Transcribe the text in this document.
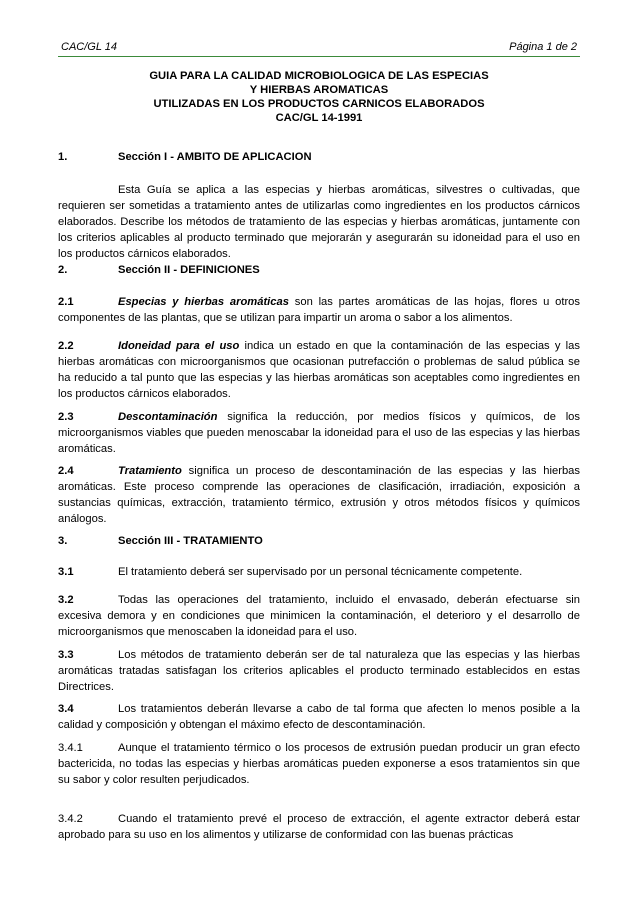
CAC/GL 14	Página 1 de 2
GUIA PARA LA CALIDAD MICROBIOLOGICA DE LAS ESPECIAS
Y HIERBAS AROMATICAS
UTILIZADAS EN LOS PRODUCTOS CARNICOS ELABORADOS
CAC/GL 14-1991
1.	Sección I - AMBITO DE APLICACION
Esta Guía se aplica a las especias y hierbas aromáticas, silvestres o cultivadas, que requieren ser sometidas a tratamiento antes de utilizarlas como ingredientes en los productos cárnicos elaborados. Describe los métodos de tratamiento de las especias y hierbas aromáticas, juntamente con los criterios aplicables al producto terminado que mejorarán y asegurarán su idoneidad para el uso en los productos cárnicos elaborados.
2.	Sección II - DEFINICIONES
2.1	Especias y hierbas aromáticas son las partes aromáticas de las hojas, flores u otros componentes de las plantas, que se utilizan para impartir un aroma o sabor a los alimentos.
2.2	Idoneidad para el uso indica un estado en que la contaminación de las especias y las hierbas aromáticas con microorganismos que ocasionan putrefacción o problemas de salud pública se ha reducido a tal punto que las especias y las hierbas aromáticas son aceptables como ingredientes en los productos cárnicos elaborados.
2.3	Descontaminación significa la reducción, por medios físicos y químicos, de los microorganismos viables que pueden menoscabar la idoneidad para el uso de las especias y las hierbas aromáticas.
2.4	Tratamiento significa un proceso de descontaminación de las especias y las hierbas aromáticas. Este proceso comprende las operaciones de clasificación, irradiación, exposición a sustancias químicas, extracción, tratamiento térmico, extrusión y otros métodos físicos y químicos análogos.
3.	Sección III - TRATAMIENTO
3.1	El tratamiento deberá ser supervisado por un personal técnicamente competente.
3.2	Todas las operaciones del tratamiento, incluido el envasado, deberán efectuarse sin excesiva demora y en condiciones que minimicen la contaminación, el deterioro y el desarrollo de microorganismos que menoscaben la idoneidad para el uso.
3.3	Los métodos de tratamiento deberán ser de tal naturaleza que las especias y las hierbas aromáticas tratadas satisfagan los criterios aplicables el producto terminado establecidos en estas Directrices.
3.4	Los tratamientos deberán llevarse a cabo de tal forma que afecten lo menos posible a la calidad y composición y obtengan el máximo efecto de descontaminación.
3.4.1	Aunque el tratamiento térmico o los procesos de extrusión puedan producir un gran efecto bactericida, no todas las especias y hierbas aromáticas pueden exponerse a esos tratamientos sin que su sabor y color resulten perjudicados.
3.4.2	Cuando el tratamiento prevé el proceso de extracción, el agente extractor deberá estar aprobado para su uso en los alimentos y utilizarse de conformidad con las buenas prácticas
